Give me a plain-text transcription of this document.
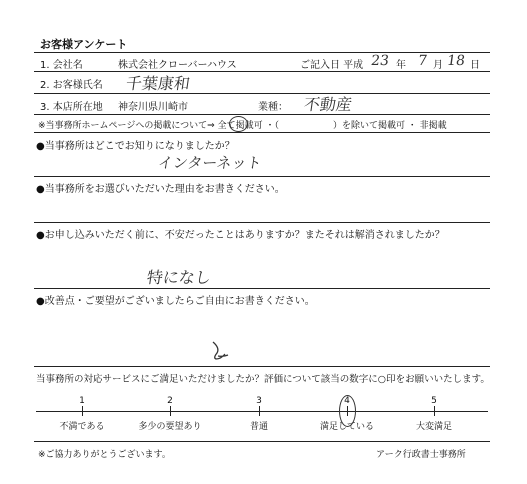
お客様アンケート
1. 会社名	株式会社クローバーハウス	ご記入日 平成 23 年 7 月 18 日
2. お客様氏名 千葉康和
3. 本店所在地 神奈川県川崎市	業種： 不動産
※当事務所ホームページへの掲載について⇒ 全て掲載可 ・（　　　　　　）を除いて掲載可 ・ 非掲載
●当事務所はどこでお知りになりましたか？
インターネット
●当事務所をお選びいただいた理由をお書きください。
●お申し込みいただく前に、不安だったことはありますか？またそれは解消されましたか？
特になし
●改善点・ご要望がございましたらご自由にお書きください。
当事務所の対応サービスにご満足いただけましたか？評価について該当の数字に○印をお願いいたします。
1
不満である
2
多少の要望あり
3
普通
4
満足している
5
大変満足
※ご協力ありがとうございます。	アーク行政書士事務所
